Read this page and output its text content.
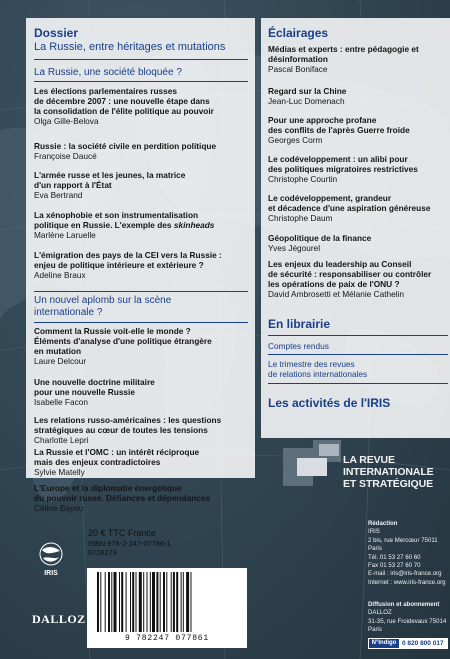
Dossier
La Russie, entre héritages et mutations
La Russie, une société bloquée ?
Les élections parlementaires russes
de décembre 2007 : une nouvelle étape dans
la consolidation de l'élite politique au pouvoir
Olga Gille-Belova
Russie : la société civile en perdition politique
Françoise Daucé
L'armée russe et les jeunes, la matrice
d'un rapport à l'État
Eva Bertrand
La xénophobie et son instrumentalisation
politique en Russie. L'exemple des skinheads
Marlène Laruelle
L'émigration des pays de la CEI vers la Russie :
enjeu de politique intérieure et extérieure ?
Adeline Braux
Un nouvel aplomb sur la scène
internationale ?
Comment la Russie voit-elle le monde ?
Éléments d'analyse d'une politique étrangère
en mutation
Laure Delcour
Une nouvelle doctrine militaire
pour une nouvelle Russie
Isabelle Facon
Les relations russo-américaines : les questions
stratégiques au cœur de toutes les tensions
Charlotte Lepri
La Russie et l'OMC : un intérêt réciproque
mais des enjeux contradictoires
Sylvie Matelly
L'Europe et la diplomatie énergétique
du pouvoir russe. Défiances et dépendances
Céline Bayou
Éclairages
Médias et experts : entre pédagogie et
désinformation
Pascal Boniface
Regard sur la Chine
Jean-Luc Domenach
Pour une approche profane
des conflits de l'après Guerre froide
Georges Corm
Le codéveloppement : un alibi pour
des politiques migratoires restrictives
Christophe Courtin
Le codéveloppement, grandeur
et décadence d'une aspiration généreuse
Christophe Daum
Géopolitique de la finance
Yves Jégourel
Les enjeux du leadership au Conseil
de sécurité : responsabiliser ou contrôler
les opérations de paix de l'ONU ?
David Ambrosetti et Mélanie Cathelin
En librairie
Comptes rendus
Le trimestre des revues
de relations internationales
Les activités de l'IRIS
LA REVUE
INTERNATIONALE
ET STRATÉGIQUE
Rédaction
IRIS
2 bis, rue Mercœur 75011 Paris
Tél. 01 53 27 60 60
Fax 01 53 27 60 70
E-mail : iris@iris-france.org
Internet : www.iris-france.org
Diffusion et abonnement
DALLOZ
31-35, rue Froidevaux 75014 Paris
N°Indigo 0 820 800 017
20 € TTC France
ISBN 978-2-247-07786-1
6728273
IRIS
DALLOZ
9 782247 077861
